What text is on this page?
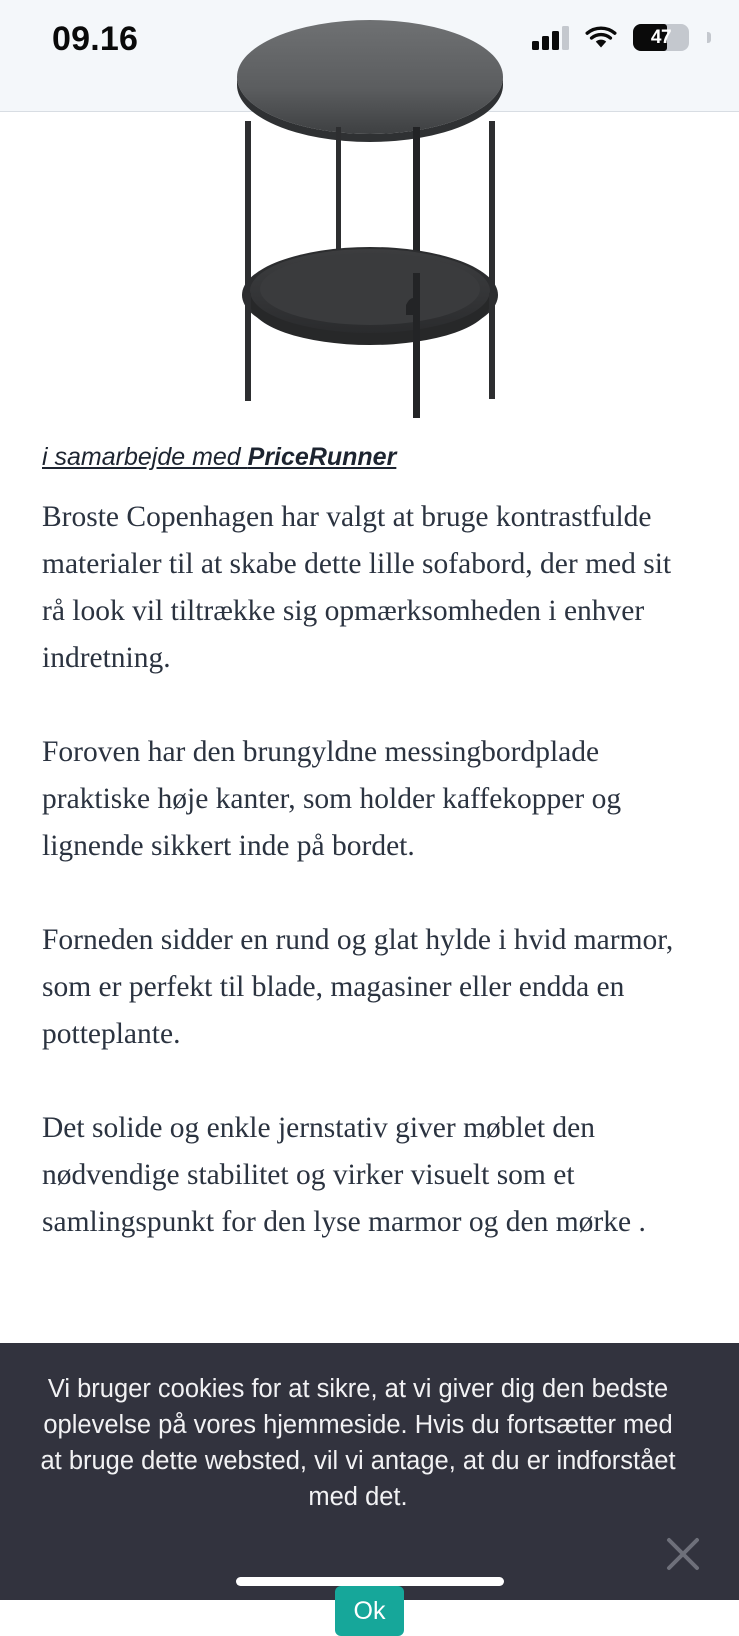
09.16	47
i samarbejde med PriceRunner

Broste Copenhagen har valgt at bruge kontrastfulde materialer til at skabe dette lille sofabord, der med sit rå look vil tiltrække sig opmærksomheden i enhver indretning.

Foroven har den brungyldne messingbordplade praktiske høje kanter, som holder kaffekopper og lignende sikkert inde på bordet.

Forneden sidder en rund og glat hylde i hvid marmor, som er perfekt til blade, magasiner eller endda en potteplante.

Det solide og enkle jernstativ giver møblet den nødvendige stabilitet og virker visuelt som et samlingspunkt for den lyse marmor og den mørke .

Vi bruger cookies for at sikre, at vi giver dig den bedste oplevelse på vores hjemmeside. Hvis du fortsætter med at bruge dette websted, vil vi antage, at du er indforstået med det.
Ok
